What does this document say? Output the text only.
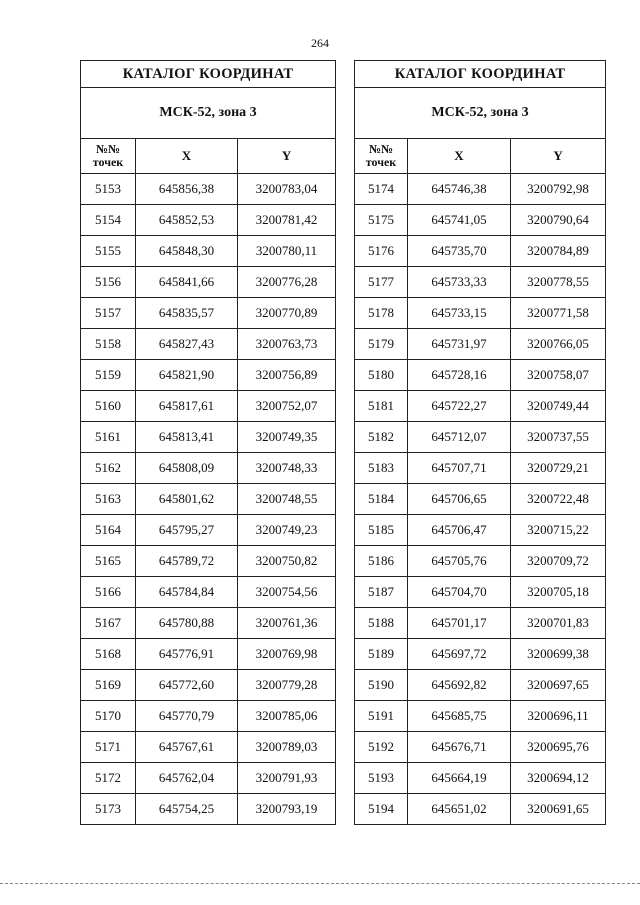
264
КАТАЛОГ КООРДИНАТ		
МСК-52, зона 3		
№№ точек	X	Y
5153	645856,38	3200783,04
5154	645852,53	3200781,42
5155	645848,30	3200780,11
5156	645841,66	3200776,28
5157	645835,57	3200770,89
5158	645827,43	3200763,73
5159	645821,90	3200756,89
5160	645817,61	3200752,07
5161	645813,41	3200749,35
5162	645808,09	3200748,33
5163	645801,62	3200748,55
5164	645795,27	3200749,23
5165	645789,72	3200750,82
5166	645784,84	3200754,56
5167	645780,88	3200761,36
5168	645776,91	3200769,98
5169	645772,60	3200779,28
5170	645770,79	3200785,06
5171	645767,61	3200789,03
5172	645762,04	3200791,93
5173	645754,25	3200793,19
КАТАЛОГ КООРДИНАТ		
МСК-52, зона 3		
№№ точек	X	Y
5174	645746,38	3200792,98
5175	645741,05	3200790,64
5176	645735,70	3200784,89
5177	645733,33	3200778,55
5178	645733,15	3200771,58
5179	645731,97	3200766,05
5180	645728,16	3200758,07
5181	645722,27	3200749,44
5182	645712,07	3200737,55
5183	645707,71	3200729,21
5184	645706,65	3200722,48
5185	645706,47	3200715,22
5186	645705,76	3200709,72
5187	645704,70	3200705,18
5188	645701,17	3200701,83
5189	645697,72	3200699,38
5190	645692,82	3200697,65
5191	645685,75	3200696,11
5192	645676,71	3200695,76
5193	645664,19	3200694,12
5194	645651,02	3200691,65
